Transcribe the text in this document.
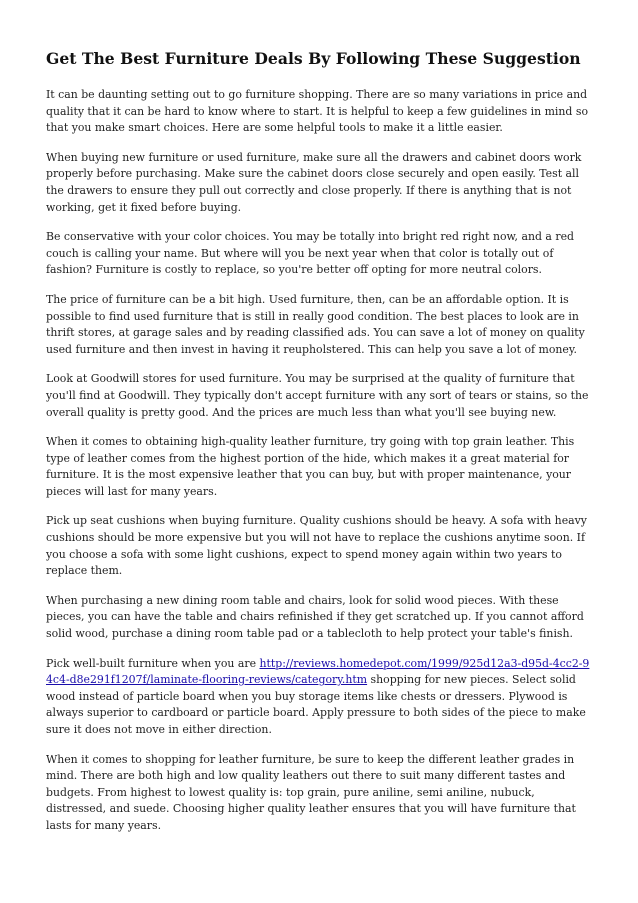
Get The Best Furniture Deals By Following These Suggestion

It can be daunting setting out to go furniture shopping. There are so many variations in price and quality that it can be hard to know where to start. It is helpful to keep a few guidelines in mind so that you make smart choices. Here are some helpful tools to make it a little easier.

When buying new furniture or used furniture, make sure all the drawers and cabinet doors work properly before purchasing. Make sure the cabinet doors close securely and open easily. Test all the drawers to ensure they pull out correctly and close properly. If there is anything that is not working, get it fixed before buying.

Be conservative with your color choices. You may be totally into bright red right now, and a red couch is calling your name. But where will you be next year when that color is totally out of fashion? Furniture is costly to replace, so you're better off opting for more neutral colors.

The price of furniture can be a bit high. Used furniture, then, can be an affordable option. It is possible to find used furniture that is still in really good condition. The best places to look are in thrift stores, at garage sales and by reading classified ads. You can save a lot of money on quality used furniture and then invest in having it reupholstered. This can help you save a lot of money.

Look at Goodwill stores for used furniture. You may be surprised at the quality of furniture that you'll find at Goodwill. They typically don't accept furniture with any sort of tears or stains, so the overall quality is pretty good. And the prices are much less than what you'll see buying new.

When it comes to obtaining high-quality leather furniture, try going with top grain leather. This type of leather comes from the highest portion of the hide, which makes it a great material for furniture. It is the most expensive leather that you can buy, but with proper maintenance, your pieces will last for many years.

Pick up seat cushions when buying furniture. Quality cushions should be heavy. A sofa with heavy cushions should be more expensive but you will not have to replace the cushions anytime soon. If you choose a sofa with some light cushions, expect to spend money again within two years to replace them.

When purchasing a new dining room table and chairs, look for solid wood pieces. With these pieces, you can have the table and chairs refinished if they get scratched up. If you cannot afford solid wood, purchase a dining room table pad or a tablecloth to help protect your table's finish.

Pick well-built furniture when you are http://reviews.homedepot.com/1999/925d12a3-d95d-4cc2-94c4-d8e291f1207f/laminate-flooring-reviews/category.htm shopping for new pieces. Select solid wood instead of particle board when you buy storage items like chests or dressers. Plywood is always superior to cardboard or particle board. Apply pressure to both sides of the piece to make sure it does not move in either direction.

When it comes to shopping for leather furniture, be sure to keep the different leather grades in mind. There are both high and low quality leathers out there to suit many different tastes and budgets. From highest to lowest quality is: top grain, pure aniline, semi aniline, nubuck, distressed, and suede. Choosing higher quality leather ensures that you will have furniture that lasts for many years.
